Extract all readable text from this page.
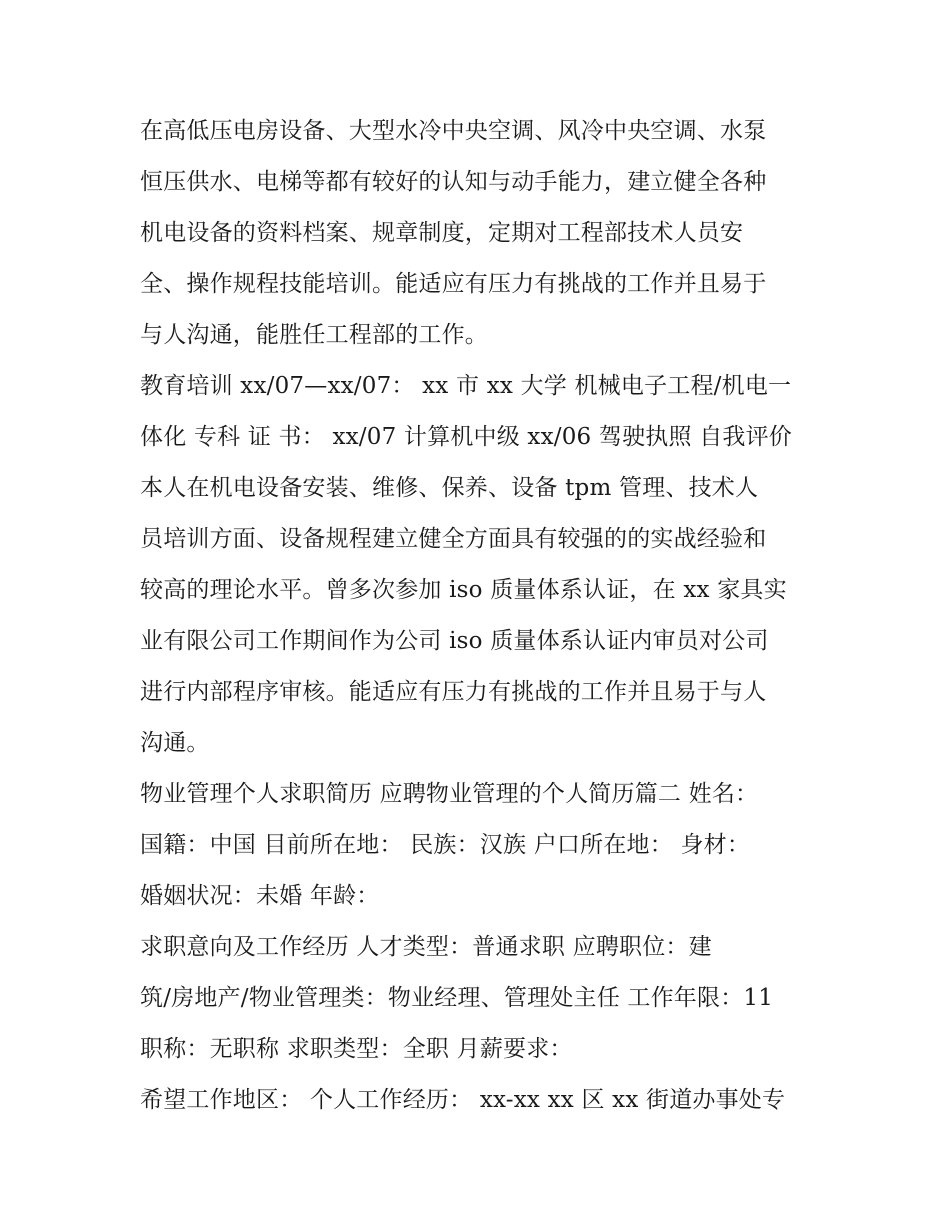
在高低压电房设备、大型水冷中央空调、风冷中央空调、水泵
恒压供水、电梯等都有较好的认知与动手能力，建立健全各种
机电设备的资料档案、规章制度，定期对工程部技术人员安
全、操作规程技能培训。能适应有压力有挑战的工作并且易于
与人沟通，能胜任工程部的工作。
教育培训 xx/07—xx/07： xx 市 xx 大学 机械电子工程/机电一
体化 专科 证 书： xx/07 计算机中级 xx/06 驾驶执照 自我评价
本人在机电设备安装、维修、保养、设备 tpm 管理、技术人
员培训方面、设备规程建立健全方面具有较强的的实战经验和
较高的理论水平。曾多次参加 iso 质量体系认证，在 xx 家具实
业有限公司工作期间作为公司 iso 质量体系认证内审员对公司
进行内部程序审核。能适应有压力有挑战的工作并且易于与人
沟通。
物业管理个人求职简历 应聘物业管理的个人简历篇二 姓名：
国籍：中国 目前所在地： 民族：汉族 户口所在地： 身材：
婚姻状况：未婚 年龄：
求职意向及工作经历 人才类型：普通求职 应聘职位：建
筑/房地产/物业管理类：物业经理、管理处主任 工作年限：11
职称：无职称 求职类型：全职 月薪要求：
希望工作地区： 个人工作经历： xx-xx xx 区 xx 街道办事处专
